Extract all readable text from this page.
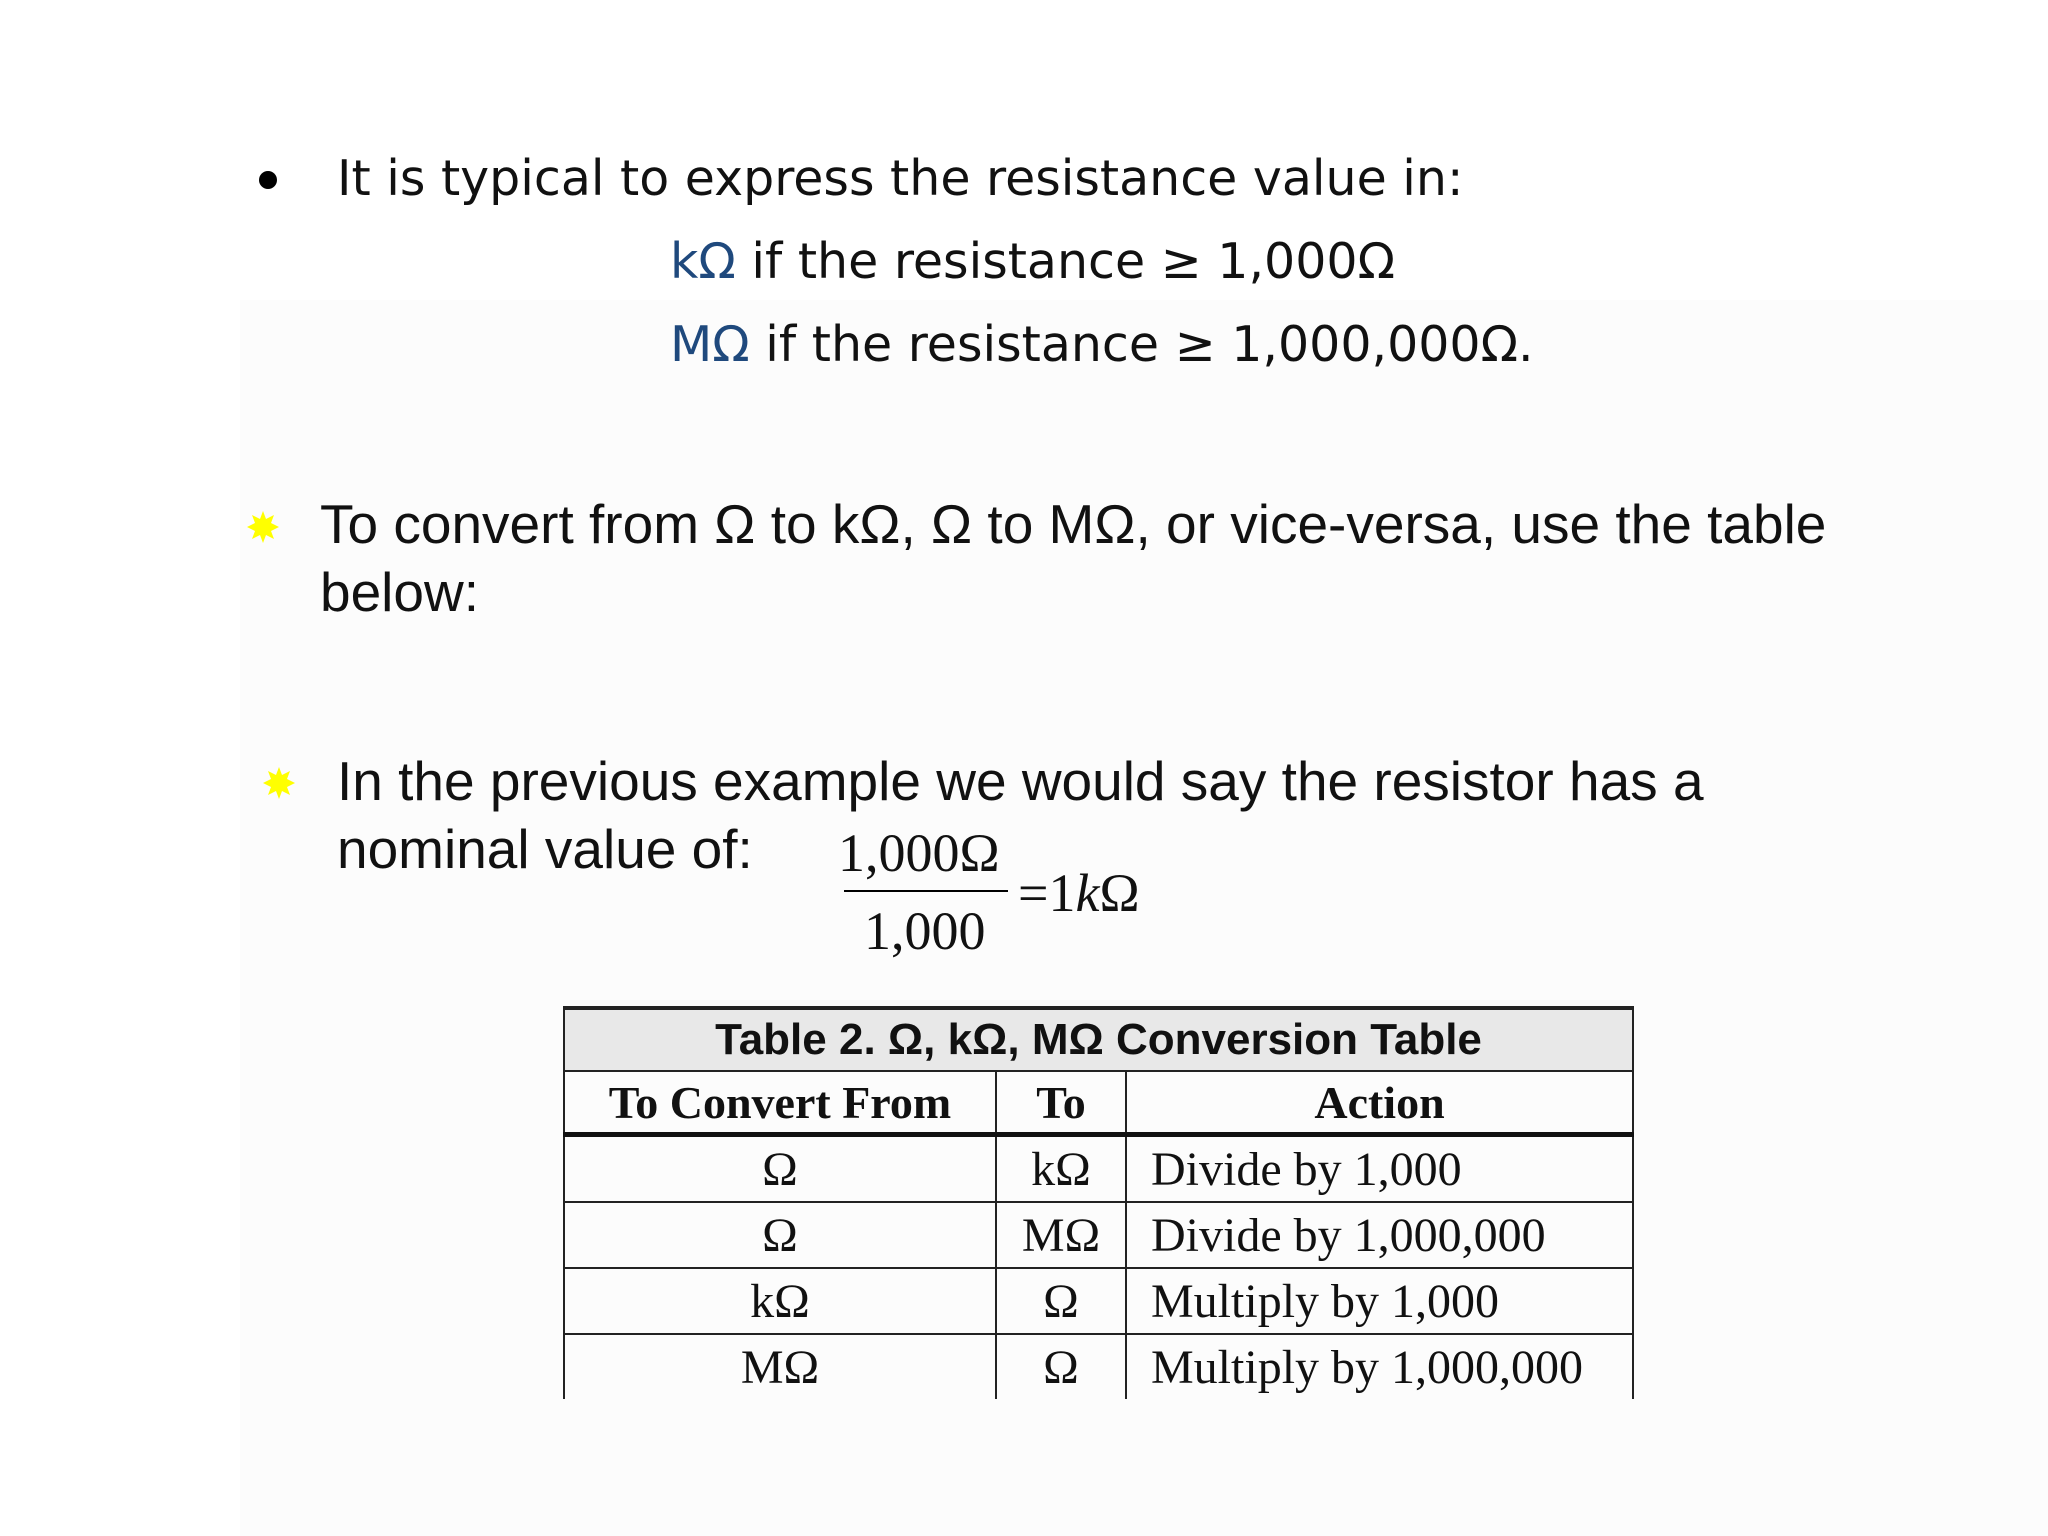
It is typical to express the resistance value in:
kΩ if the resistance ≥ 1,000Ω
MΩ if the resistance ≥ 1,000,000Ω.
To convert from Ω to kΩ, Ω to MΩ, or vice-versa, use the table below:
In the previous example we would say the resistor has a nominal value of:	1,000Ω
1,000
=1kΩ
Table 2. Ω, kΩ, MΩ Conversion Table		
To Convert From	To	Action
Ω	kΩ	Divide by 1,000
Ω	MΩ	Divide by 1,000,000
kΩ	Ω	Multiply by 1,000
MΩ	Ω	Multiply by 1,000,000
